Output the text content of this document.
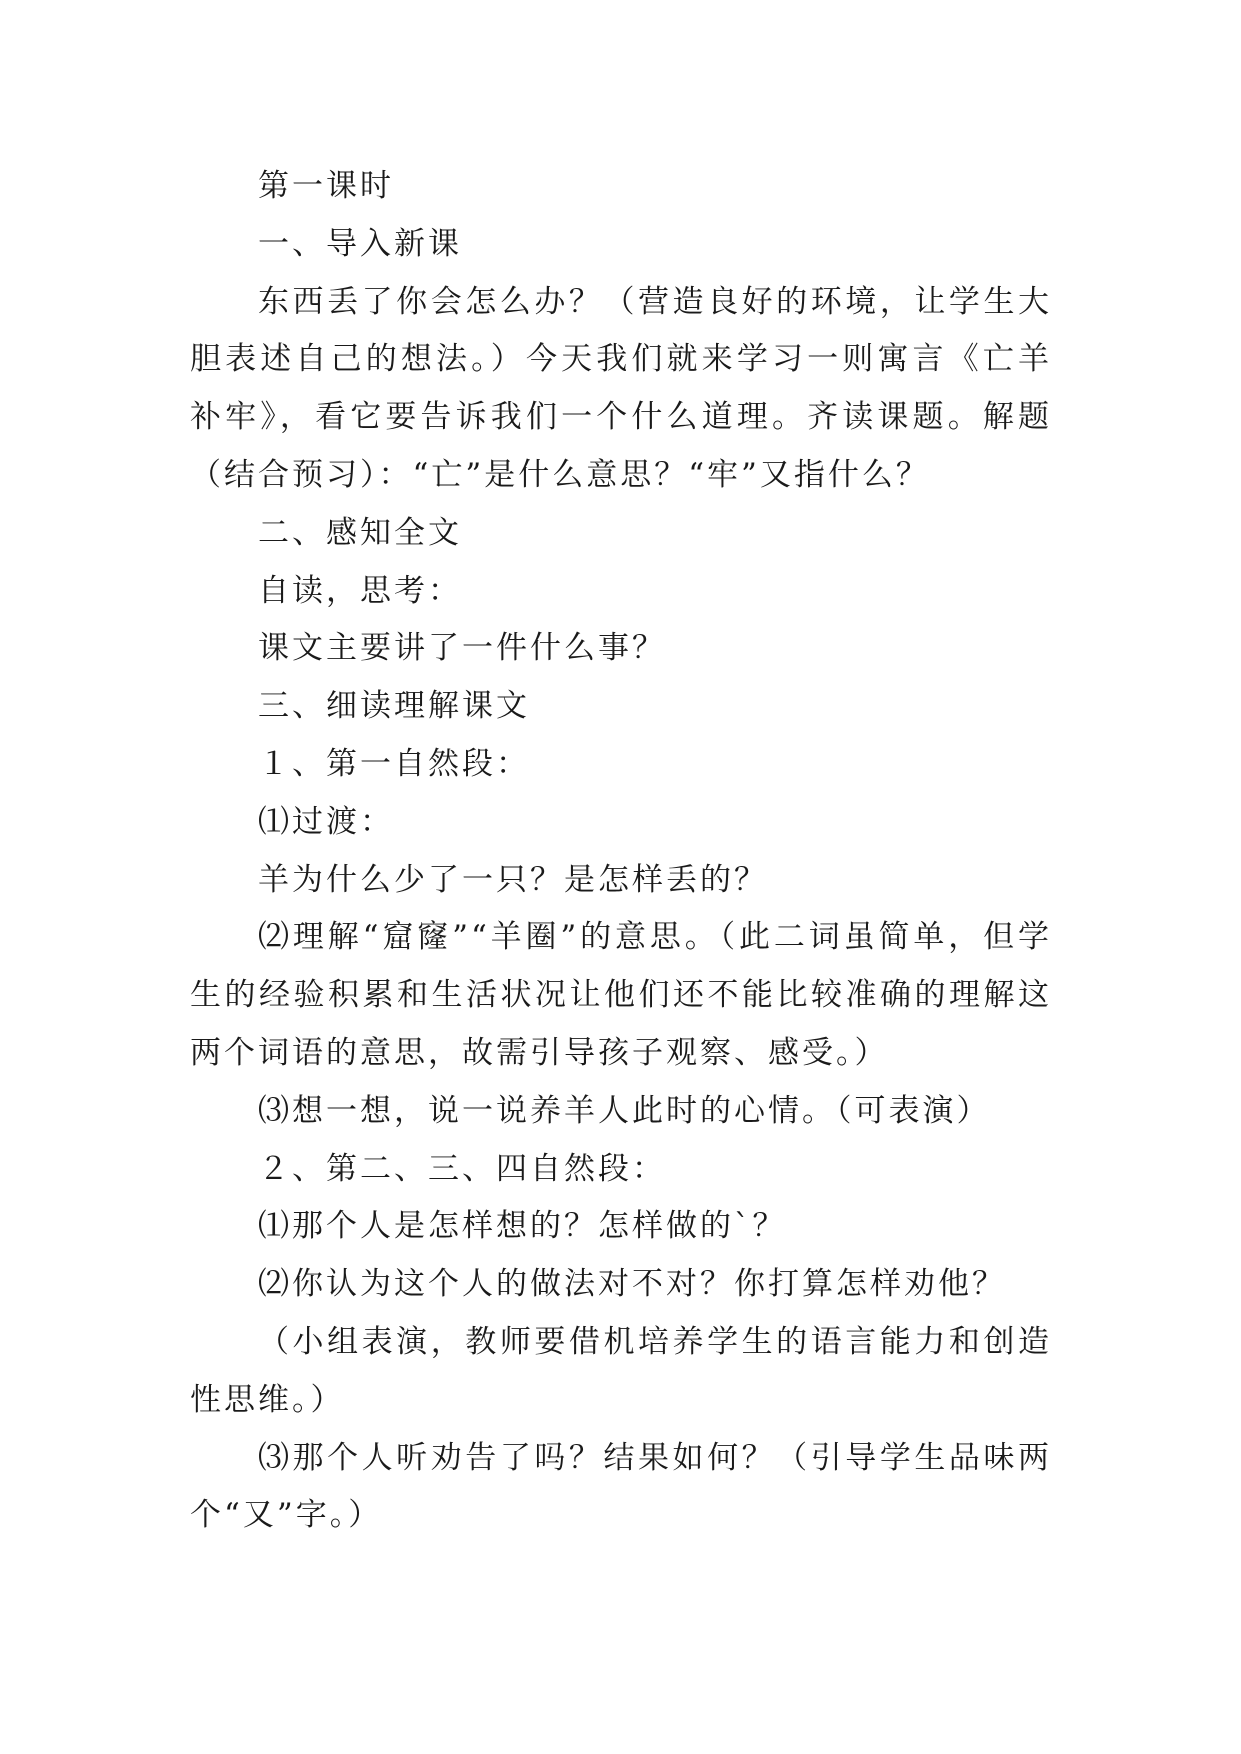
第一课时

一、导入新课

东西丢了你会怎么办？（营造良好的环境，让学生大胆表述自己的想法。）今天我们就来学习一则寓言《亡羊补牢》，看它要告诉我们一个什么道理。齐读课题。解题（结合预习）：“亡”是什么意思？“牢”又指什么？

二、感知全文

自读，思考：

课文主要讲了一件什么事？

三、细读理解课文

１、第一自然段：

⑴过渡：

羊为什么少了一只？是怎样丢的？

⑵理解“窟窿”“羊圈”的意思。（此二词虽简单，但学生的经验积累和生活状况让他们还不能比较准确的理解这两个词语的意思，故需引导孩子观察、感受。）

⑶想一想，说一说养羊人此时的心情。（可表演）

２、第二、三、四自然段：

⑴那个人是怎样想的？怎样做的`？

⑵你认为这个人的做法对不对？你打算怎样劝他？

（小组表演，教师要借机培养学生的语言能力和创造性思维。）

⑶那个人听劝告了吗？结果如何？（引导学生品味两个“又”字。）
